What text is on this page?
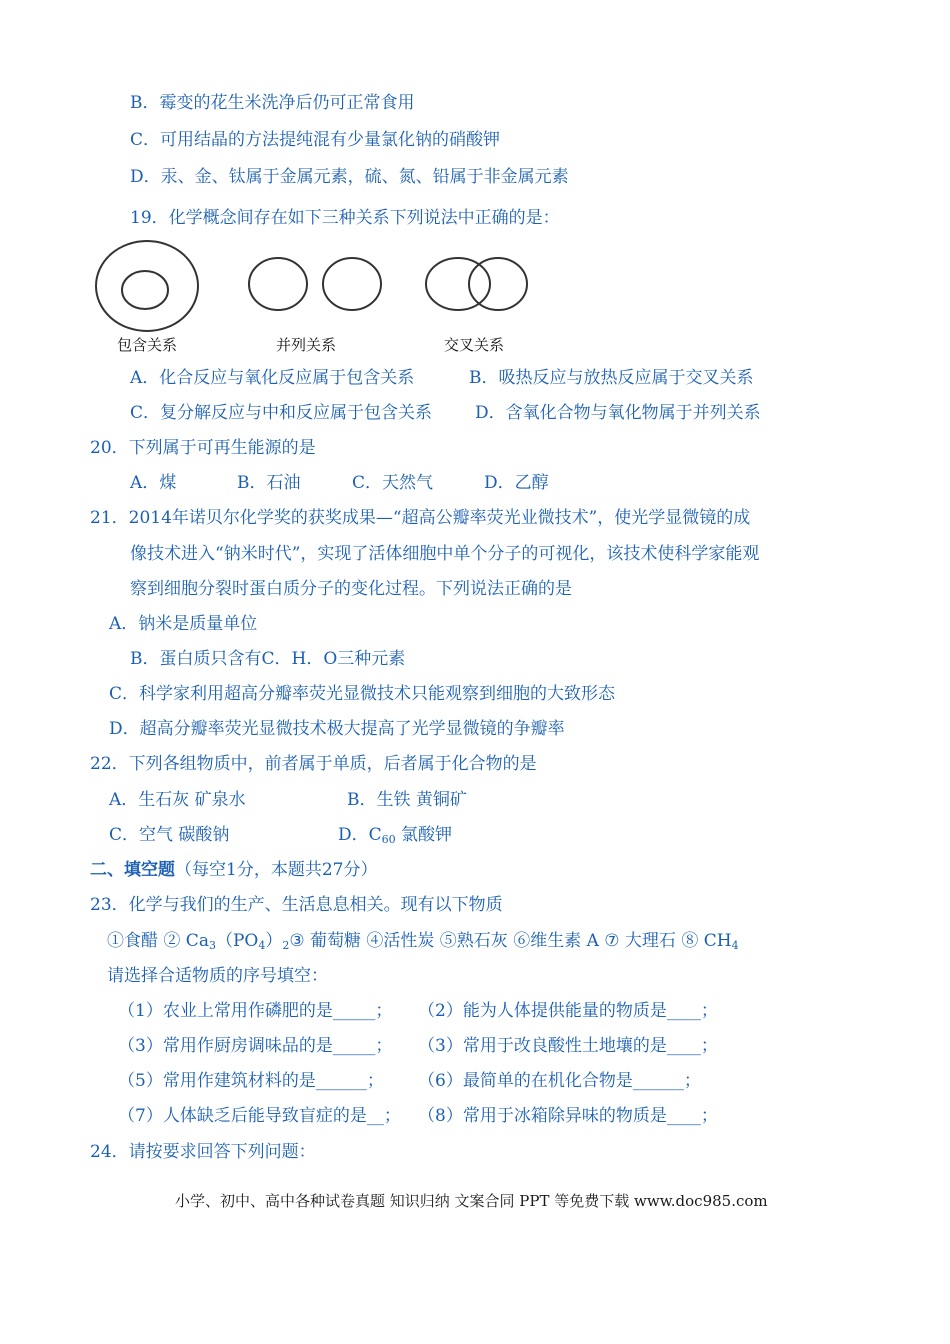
B．霉变的花生米洗净后仍可正常食用
C．可用结晶的方法提纯混有少量氯化钠的硝酸钾
D．汞、金、钛属于金属元素，硫、氮、铅属于非金属元素
19．化学概念间存在如下三种关系下列说法中正确的是：
包含关系	并列关系	交叉关系
A．化合反应与氧化反应属于包含关系	B．吸热反应与放热反应属于交叉关系
C．复分解反应与中和反应属于包含关系	D．含氧化合物与氧化物属于并列关系
20．下列属于可再生能源的是
A．煤	B．石油	C．天然气	D．乙醇
21．2014年诺贝尔化学奖的获奖成果—“超高公瓣率荧光业微技术”，使光学显微镜的成
像技术进入“钠米时代”，实现了活体细胞中单个分子的可视化，该技术使科学家能观
察到细胞分裂时蛋白质分子的变化过程。下列说法正确的是
A．钠米是质量单位
B．蛋白质只含有C．H．O三种元素
C．科学家利用超高分瓣率荧光显微技术只能观察到细胞的大致形态
D．超高分瓣率荧光显微技术极大提高了光学显微镜的争瓣率
22．下列各组物质中，前者属于单质，后者属于化合物的是
A．生石灰 矿泉水	B．生铁 黄铜矿
C．空气 碳酸钠	D．$C_{60}$ 氯酸钾
二、填空题（每空1分，本题共27分）
23．化学与我们的生产、生活息息相关。现有以下物质
①食醋 ② $Ca_3(PO_4)_2③$ 葡萄糖 ④活性炭 ⑤熟石灰 ⑥维生素 A ⑦ 大理石 ⑧ $CH_4$
请选择合适物质的序号填空：
（1）农业上常用作磷肥的是_____； （2）能为人体提供能量的物质是____；
（3）常用作厨房调味品的是_____； （3）常用于改良酸性土地壤的是____；
（5）常用作建筑材料的是______； （6）最简单的在机化合物是______；
（7）人体缺乏后能导致盲症的是__； （8）常用于冰箱除异味的物质是____；
24．请按要求回答下列问题：
小学、初中、高中各种试卷真题 知识归纳 文案合同 PPT 等免费下载 www.doc985.com
